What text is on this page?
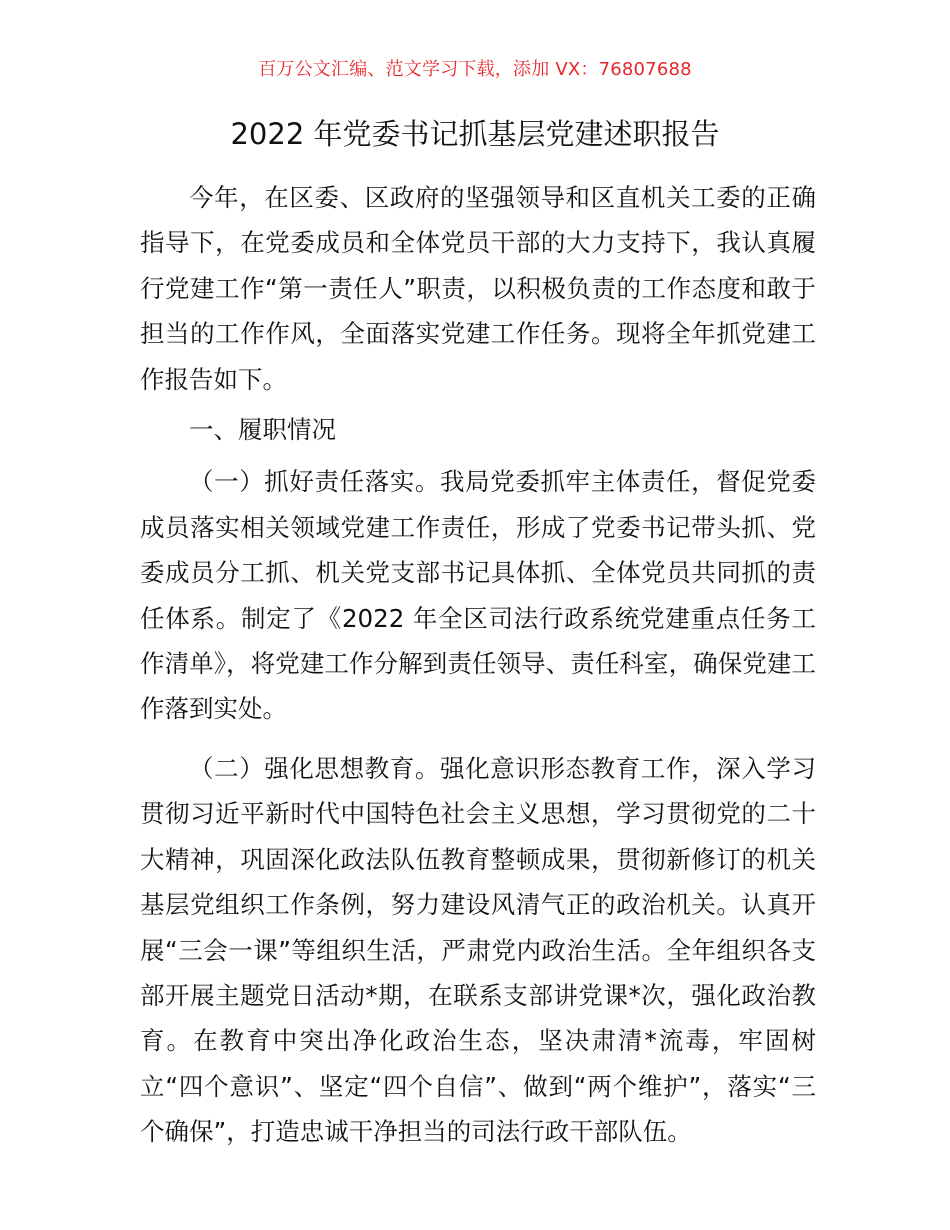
百万公文汇编、范文学习下载，添加 VX：76807688
2022 年党委书记抓基层党建述职报告

今年，在区委、区政府的坚强领导和区直机关工委的正确指导下，在党委成员和全体党员干部的大力支持下，我认真履行党建工作“第一责任人”职责，以积极负责的工作态度和敢于担当的工作作风，全面落实党建工作任务。现将全年抓党建工作报告如下。

一、履职情况

（一）抓好责任落实。我局党委抓牢主体责任，督促党委成员落实相关领域党建工作责任，形成了党委书记带头抓、党委成员分工抓、机关党支部书记具体抓、全体党员共同抓的责任体系。制定了《2022 年全区司法行政系统党建重点任务工作清单》，将党建工作分解到责任领导、责任科室，确保党建工作落到实处。

（二）强化思想教育。强化意识形态教育工作，深入学习贯彻习近平新时代中国特色社会主义思想，学习贯彻党的二十大精神，巩固深化政法队伍教育整顿成果，贯彻新修订的机关基层党组织工作条例，努力建设风清气正的政治机关。认真开展“三会一课”等组织生活，严肃党内政治生活。全年组织各支部开展主题党日活动*期，在联系支部讲党课*次，强化政治教育。在教育中突出净化政治生态，坚决肃清*流毒，牢固树立“四个意识”、坚定“四个自信”、做到“两个维护”，落实“三个确保”，打造忠诚干净担当的司法行政干部队伍。
